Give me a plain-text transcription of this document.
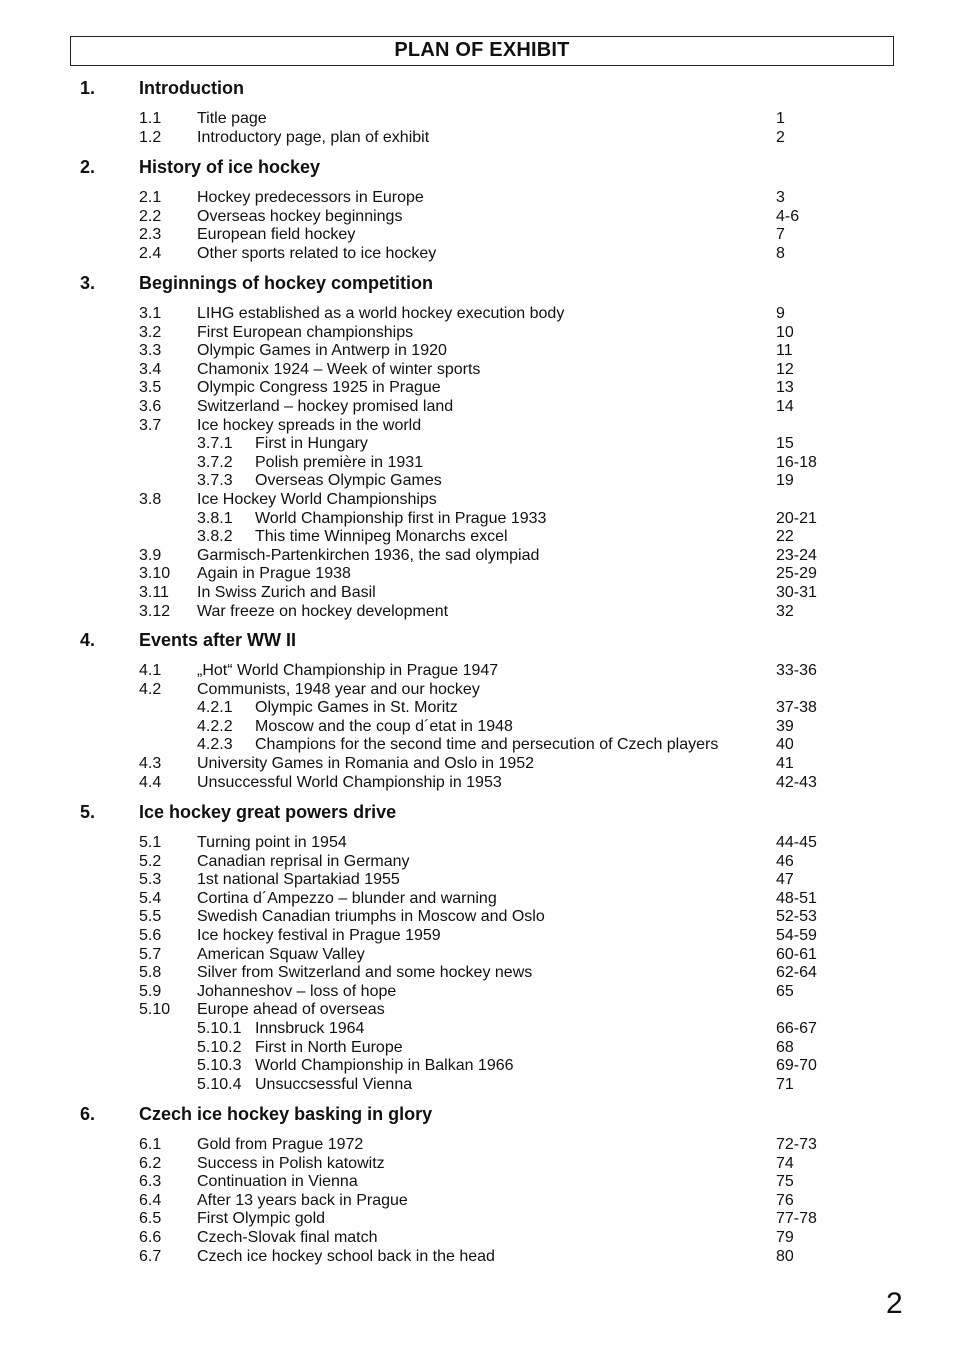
PLAN OF EXHIBIT
1. Introduction
1.1 Title page	1
1.2 Introductory page, plan of exhibit	2
2. History of ice hockey
2.1 Hockey predecessors in Europe	3
2.2 Overseas hockey beginnings	4-6
2.3 European field hockey	7
2.4 Other sports related to ice hockey	8
3. Beginnings of hockey competition
3.1 LIHG established as a world hockey execution body	9
3.2 First European championships	10
3.3 Olympic Games in Antwerp in 1920	11
3.4 Chamonix 1924 – Week of winter sports	12
3.5 Olympic Congress 1925 in Prague	13
3.6 Switzerland – hockey promised land	14
3.7 Ice hockey spreads in the world
3.7.1 First in Hungary	15
3.7.2 Polish premiѐre in 1931	16-18
3.7.3 Overseas Olympic Games	19
3.8 Ice Hockey World Championships
3.8.1 World Championship first in Prague 1933	20-21
3.8.2 This time Winnipeg Monarchs excel	22
3.9 Garmisch-Partenkirchen 1936, the sad olympiad	23-24
3.10 Again in Prague 1938	25-29
3.11 In Swiss Zurich and Basil	30-31
3.12 War freeze on hockey development	32
4. Events after WW II
4.1 „Hot“ World Championship in Prague 1947	33-36
4.2 Communists, 1948 year and our hockey
4.2.1 Olympic Games in St. Moritz	37-38
4.2.2 Moscow and the coup d´etat in 1948	39
4.2.3 Champions for the second time and persecution of Czech players	40
4.3 University Games in Romania and Oslo in 1952	41
4.4 Unsuccessful World Championship in 1953	42-43
5. Ice hockey great powers drive
5.1 Turning point in 1954	44-45
5.2 Canadian reprisal in Germany	46
5.3 1st national Spartakiad 1955	47
5.4 Cortina d´Ampezzo – blunder and warning	48-51
5.5 Swedish Canadian triumphs in Moscow and Oslo	52-53
5.6 Ice hockey festival in Prague 1959	54-59
5.7 American Squaw Valley	60-61
5.8 Silver from Switzerland and some hockey news	62-64
5.9 Johanneshov – loss of hope	65
5.10 Europe ahead of overseas
5.10.1 Innsbruck 1964	66-67
5.10.2 First in North Europe	68
5.10.3 World Championship in Balkan 1966	69-70
5.10.4 Unsuccsessful Vienna	71
6. Czech ice hockey basking in glory
6.1 Gold from Prague 1972	72-73
6.2 Success in Polish katowitz	74
6.3 Continuation in Vienna	75
6.4 After 13 years back in Prague	76
6.5 First Olympic gold	77-78
6.6 Czech-Slovak final match	79
6.7 Czech ice hockey school back in the head	80
2
